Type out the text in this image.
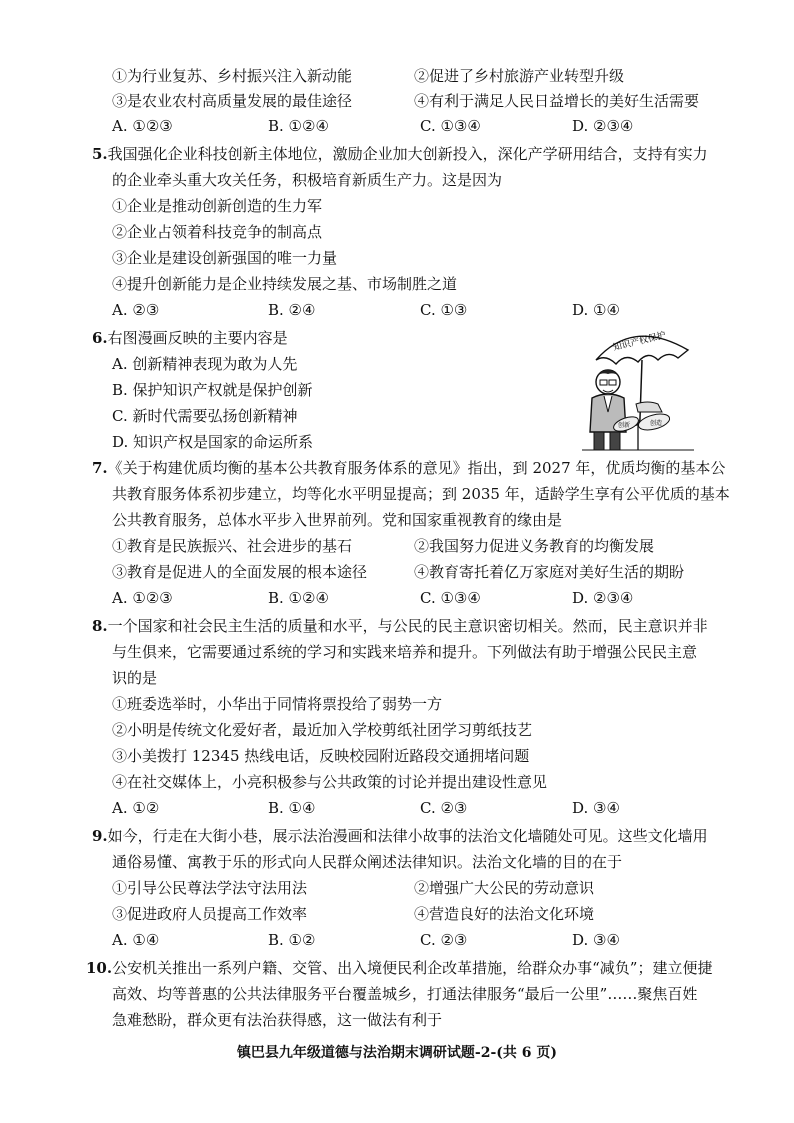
①为行业复苏、乡村振兴注入新动能	②促进了乡村旅游产业转型升级
③是农业农村高质量发展的最佳途径	④有利于满足人民日益增长的美好生活需要
A. ①②③	B. ①②④	C. ①③④	D. ②③④
5.我国强化企业科技创新主体地位，激励企业加大创新投入，深化产学研用结合，支持有实力
的企业牵头重大攻关任务，积极培育新质生产力。这是因为
①企业是推动创新创造的生力军
②企业占领着科技竞争的制高点
③企业是建设创新强国的唯一力量
④提升创新能力是企业持续发展之基、市场制胜之道
A. ②③	B. ②④	C. ①③	D. ①④
6.右图漫画反映的主要内容是
A. 创新精神表现为敢为人先
B. 保护知识产权就是保护创新
C. 新时代需要弘扬创新精神
D. 知识产权是国家的命运所系
知识产权保护
创新	创造
7.《关于构建优质均衡的基本公共教育服务体系的意见》指出，到 2027 年，优质均衡的基本公
共教育服务体系初步建立，均等化水平明显提高；到 2035 年，适龄学生享有公平优质的基本
公共教育服务，总体水平步入世界前列。党和国家重视教育的缘由是
①教育是民族振兴、社会进步的基石	②我国努力促进义务教育的均衡发展
③教育是促进人的全面发展的根本途径	④教育寄托着亿万家庭对美好生活的期盼
A. ①②③	B. ①②④	C. ①③④	D. ②③④
8.一个国家和社会民主生活的质量和水平，与公民的民主意识密切相关。然而，民主意识并非
与生俱来，它需要通过系统的学习和实践来培养和提升。下列做法有助于增强公民民主意
识的是
①班委选举时，小华出于同情将票投给了弱势一方
②小明是传统文化爱好者，最近加入学校剪纸社团学习剪纸技艺
③小美拨打 12345 热线电话，反映校园附近路段交通拥堵问题
④在社交媒体上，小亮积极参与公共政策的讨论并提出建设性意见
A. ①②	B. ①④	C. ②③	D. ③④
9.如今，行走在大街小巷，展示法治漫画和法律小故事的法治文化墙随处可见。这些文化墙用
通俗易懂、寓教于乐的形式向人民群众阐述法律知识。法治文化墙的目的在于
①引导公民尊法学法守法用法	②增强广大公民的劳动意识
③促进政府人员提高工作效率	④营造良好的法治文化环境
A. ①④	B. ①②	C. ②③	D. ③④
10.公安机关推出一系列户籍、交管、出入境便民利企改革措施，给群众办事“减负”；建立便捷
高效、均等普惠的公共法律服务平台覆盖城乡，打通法律服务“最后一公里”……聚焦百姓
急难愁盼，群众更有法治获得感，这一做法有利于
镇巴县九年级道德与法治期末调研试题-2-(共 6 页)
